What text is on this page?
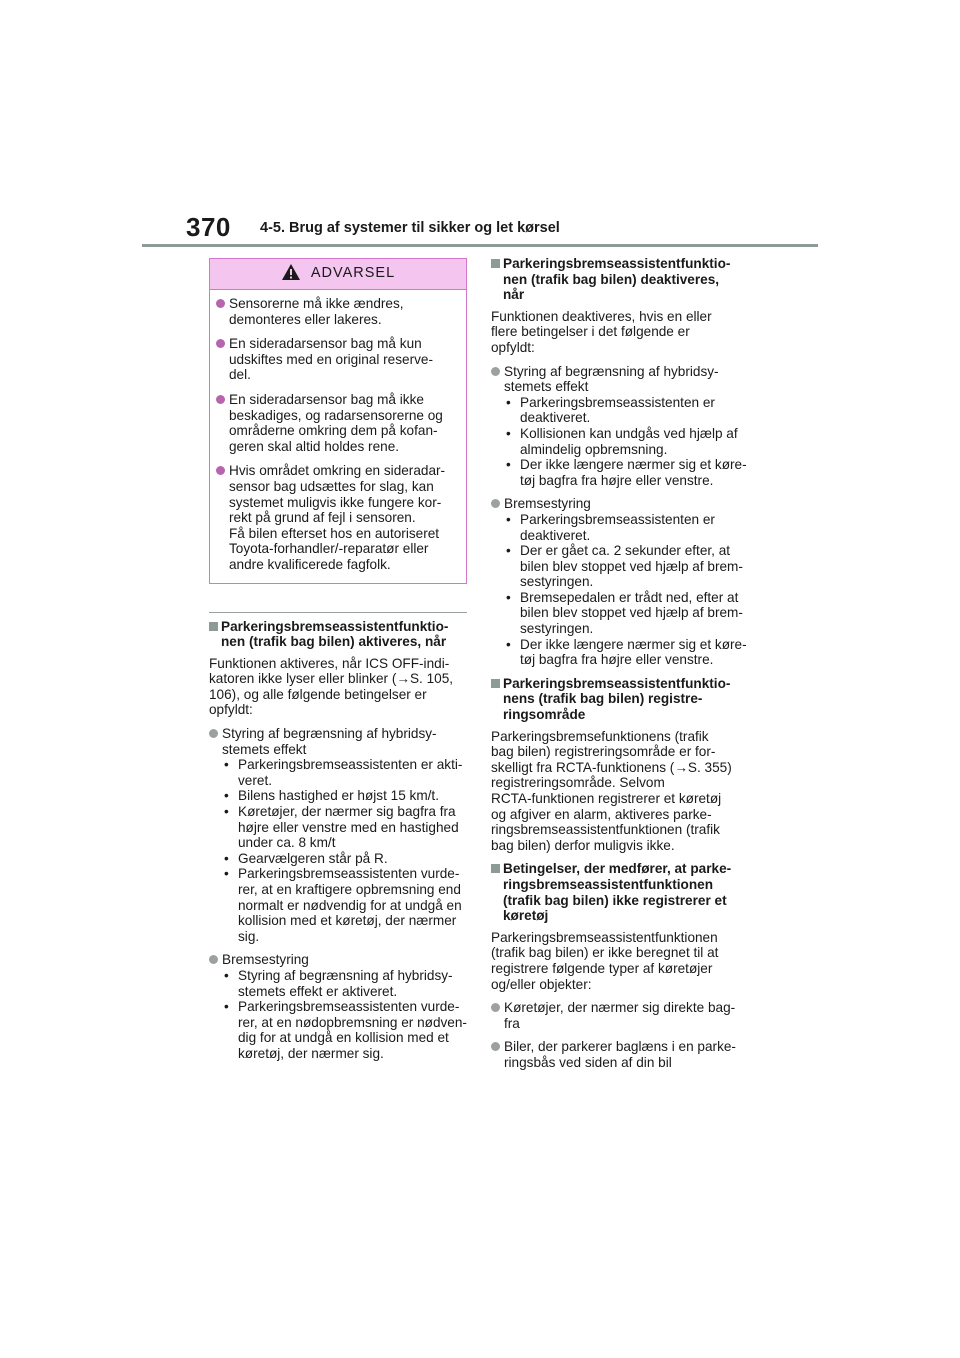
370 4-5. Brug af systemer til sikker og let kørsel
ADVARSEL
Sensorerne må ikke ændres,
demonteres eller lakeres.
En sideradarsensor bag må kun
udskiftes med en original reserve-
del.
En sideradarsensor bag må ikke
beskadiges, og radarsensorerne og
områderne omkring dem på kofan-
geren skal altid holdes rene.
Hvis området omkring en sideradar-
sensor bag udsættes for slag, kan
systemet muligvis ikke fungere kor-
rekt på grund af fejl i sensoren.
Få bilen efterset hos en autoriseret
Toyota-forhandler/-reparatør eller
andre kvalificerede fagfolk.
Parkeringsbremseassistentfunktio-
nen (trafik bag bilen) aktiveres, når
Funktionen aktiveres, når ICS OFF-indi-
katoren ikke lyser eller blinker (→S. 105,
106), og alle følgende betingelser er
opfyldt:
Styring af begrænsning af hybridsy-
stemets effekt
• Parkeringsbremseassistenten er akti-
veret.
• Bilens hastighed er højst 15 km/t.
• Køretøjer, der nærmer sig bagfra fra
højre eller venstre med en hastighed
under ca. 8 km/t
• Gearvælgeren står på R.
• Parkeringsbremseassistenten vurde-
rer, at en kraftigere opbremsning end
normalt er nødvendig for at undgå en
kollision med et køretøj, der nærmer
sig.
Bremsestyring
• Styring af begrænsning af hybridsy-
stemets effekt er aktiveret.
• Parkeringsbremseassistenten vurde-
rer, at en nødopbremsning er nødven-
dig for at undgå en kollision med et
køretøj, der nærmer sig.
Parkeringsbremseassistentfunktio-
nen (trafik bag bilen) deaktiveres,
når
Funktionen deaktiveres, hvis en eller
flere betingelser i det følgende er
opfyldt:
Styring af begrænsning af hybridsy-
stemets effekt
• Parkeringsbremseassistenten er
deaktiveret.
• Kollisionen kan undgås ved hjælp af
almindelig opbremsning.
• Der ikke længere nærmer sig et køre-
tøj bagfra fra højre eller venstre.
Bremsestyring
• Parkeringsbremseassistenten er
deaktiveret.
• Der er gået ca. 2 sekunder efter, at
bilen blev stoppet ved hjælp af brem-
sestyringen.
• Bremsepedalen er trådt ned, efter at
bilen blev stoppet ved hjælp af brem-
sestyringen.
• Der ikke længere nærmer sig et køre-
tøj bagfra fra højre eller venstre.
Parkeringsbremseassistentfunktio-
nens (trafik bag bilen) registre-
ringsområde
Parkeringsbremsefunktionens (trafik
bag bilen) registreringsområde er for-
skelligt fra RCTA-funktionens (→S. 355)
registreringsområde. Selvom
RCTA-funktionen registrerer et køretøj
og afgiver en alarm, aktiveres parke-
ringsbremseassistentfunktionen (trafik
bag bilen) derfor muligvis ikke.
Betingelser, der medfører, at parke-
ringsbremseassistentfunktionen
(trafik bag bilen) ikke registrerer et
køretøj
Parkeringsbremseassistentfunktionen
(trafik bag bilen) er ikke beregnet til at
registrere følgende typer af køretøjer
og/eller objekter:
Køretøjer, der nærmer sig direkte bag-
fra
Biler, der parkerer baglæns i en parke-
ringsbås ved siden af din bil
